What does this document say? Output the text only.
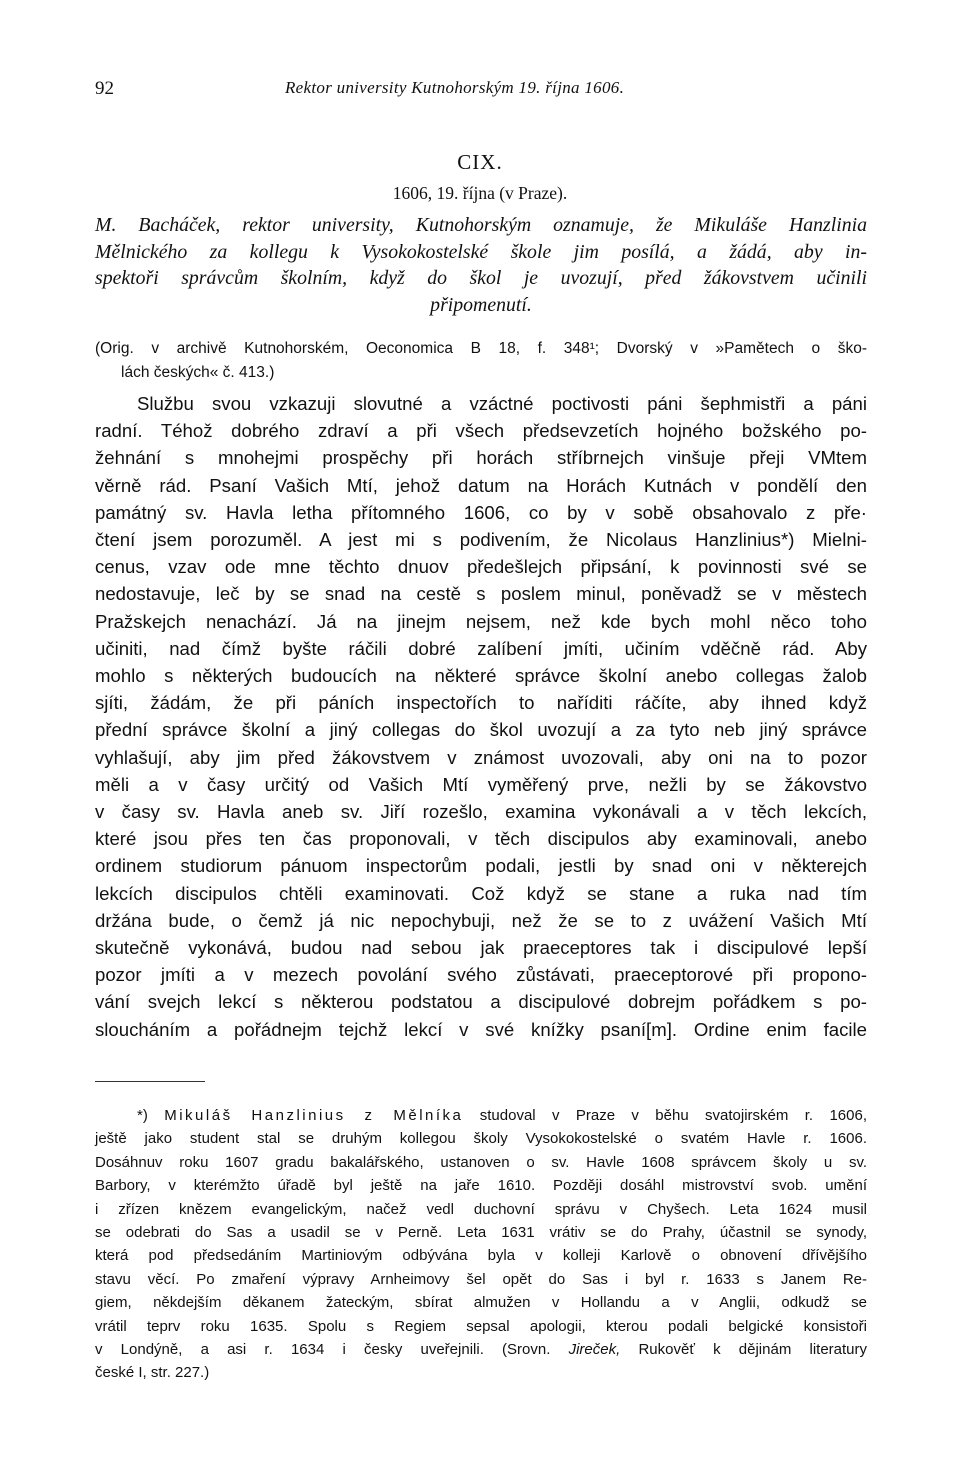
92	Rektor university Kutnohorským 19. října 1606.
CIX.
1606, 19. října (v Praze).
M. Bacháček, rektor university, Kutnohorským oznamuje, že Mikuláše Hanzlinia
Mělnického za kollegu k Vysokokostelské škole jim posílá, a žádá, aby in-
spektoři správcům školním, když do škol je uvozují, před žákovstvem učinili
připomenutí.
(Orig. v archivě Kutnohorském, Oeconomica B 18, f. 348¹; Dvorský v »Pamětech o ško-
lách českých« č. 413.)
Službu svou vzkazuji slovutné a vzáctné poctivosti páni šephmistři a páni
radní. Téhož dobrého zdraví a při všech předsevzetích hojného božského po-
žehnání s mnohejmi prospěchy při horách stříbrnejch vinšuje přeji VMtem
věrně rád. Psaní Vašich Mtí, jehož datum na Horách Kutnách v pondělí den
památný sv. Havla letha přítomného 1606, co by v sobě obsahovalo z pře·
čtení jsem porozuměl. A jest mi s podivením, že Nicolaus Hanzlinius*) Mielni-
cenus, vzav ode mne těchto dnuov předešlejch připsání, k povinnosti své se
nedostavuje, leč by se snad na cestě s poslem minul, poněvadž se v městech
Pražskejch nenachází. Já na jinejm nejsem, než kde bych mohl něco toho
učiniti, nad čímž byšte ráčili dobré zalíbení jmíti, učiním vděčně rád. Aby
mohlo s některých budoucích na některé správce školní anebo collegas žalob
sjíti, žádám, že při páních inspectořích to naříditi ráčíte, aby ihned když
přední správce školní a jiný collegas do škol uvozují a za tyto neb jiný správce
vyhlašují, aby jim před žákovstvem v známost uvozovali, aby oni na to pozor
měli a v časy určitý od Vašich Mtí vyměřený prve, nežli by se žákovstvo
v časy sv. Havla aneb sv. Jiří rozešlo, examina vykonávali a v těch lekcích,
které jsou přes ten čas proponovali, v těch discipulos aby examinovali, anebo
ordinem studiorum pánuom inspectorům podali, jestli by snad oni v některejch
lekcích discipulos chtěli examinovati. Což když se stane a ruka nad tím
držána bude, o čemž já nic nepochybuji, než že se to z uvážení Vašich Mtí
skutečně vykonává, budou nad sebou jak praeceptores tak i discipulové lepší
pozor jmíti a v mezech povolání svého zůstávati, praeceptorové při propono-
vání svejch lekcí s některou podstatou a discipulové dobrejm pořádkem s po-
sloucháním a pořádnejm tejchž lekcí v své knížky psaní[m]. Ordine enim facile
*) Mikuláš Hanzlinius z Mělníka studoval v Praze v běhu svatojirském r. 1606,
ještě jako student stal se druhým kollegou školy Vysokokostelské o svatém Havle r. 1606.
Dosáhnuv roku 1607 gradu bakalářského, ustanoven o sv. Havle 1608 správcem školy u sv.
Barbory, v kterémžto úřadě byl ještě na jaře 1610. Později dosáhl mistrovství svob. umění
i zřízen knězem evangelickým, načež vedl duchovní správu v Chyšech. Leta 1624 musil
se odebrati do Sas a usadil se v Perně. Leta 1631 vrátiv se do Prahy, účastnil se synody,
která pod předsedáním Martiniovým odbývána byla v kolleji Karlově o obnovení dřívějšího
stavu věcí. Po zmaření výpravy Arnheimovy šel opět do Sas i byl r. 1633 s Janem Re-
giem, někdejším děkanem žateckým, sbírat almužen v Hollandu a v Anglii, odkudž se
vrátil teprv roku 1635. Spolu s Regiem sepsal apologii, kterou podali belgické konsistoři
v Londýně, a asi r. 1634 i česky uveřejnili. (Srovn. Jireček, Rukověť k dějinám literatury
české I, str. 227.)
